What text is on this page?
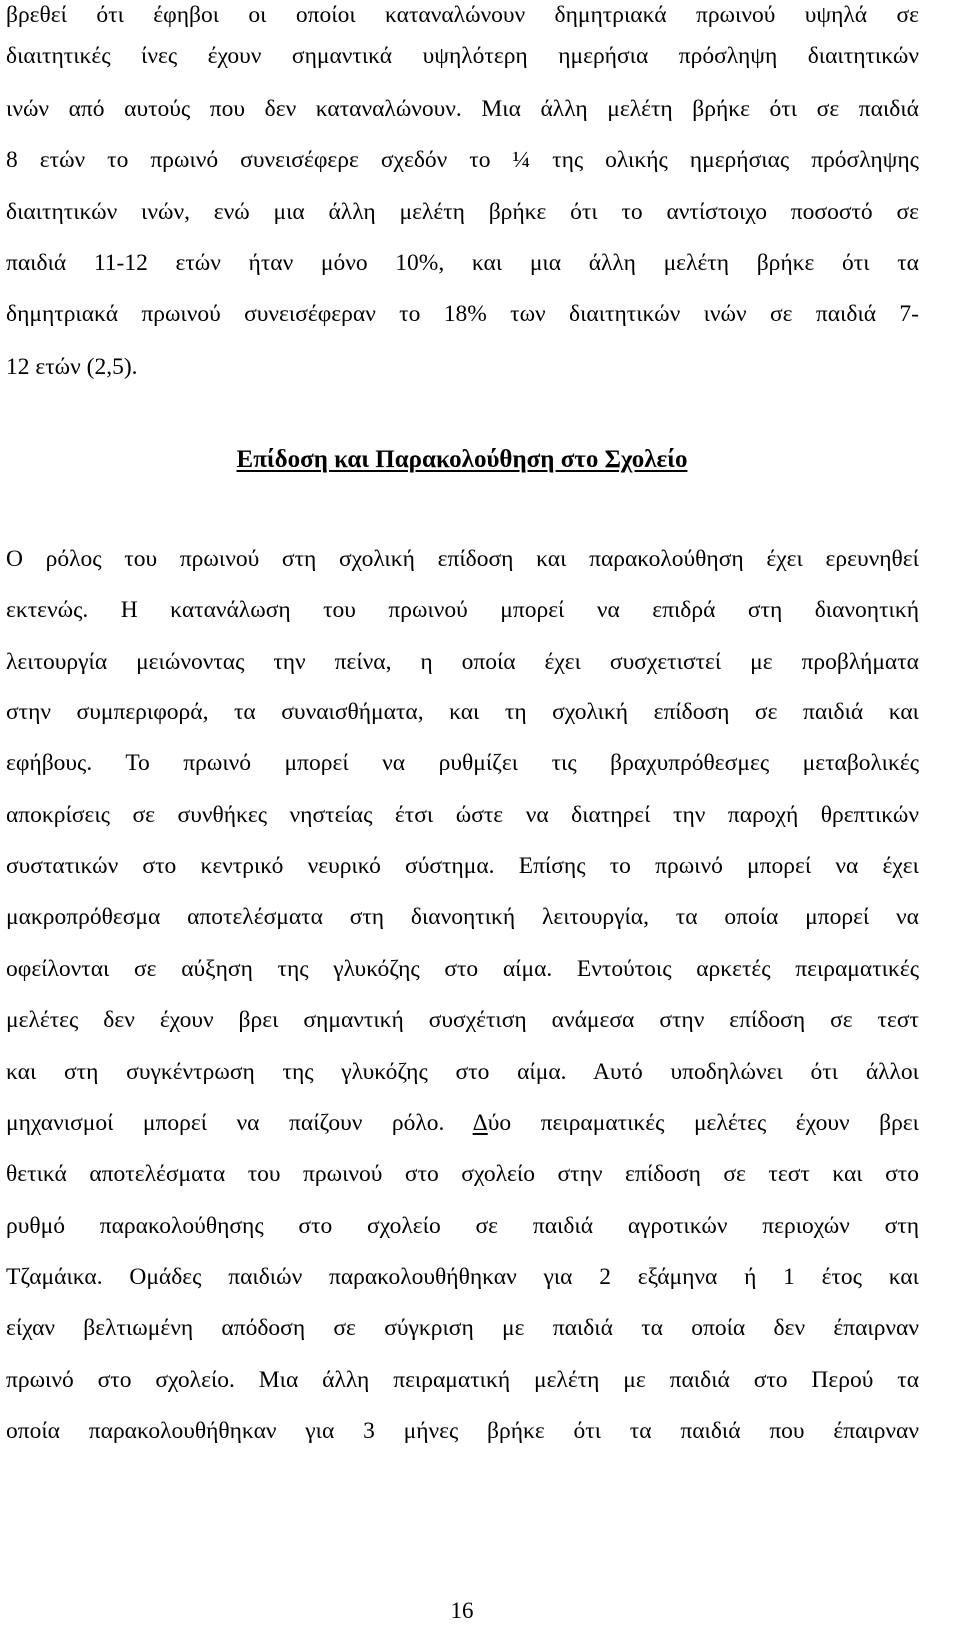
βρεθεί ότι έφηβοι οι οποίοι καταναλώνουν δημητριακά πρωινού υψηλά σε
διαιτητικές ίνες έχουν σημαντικά υψηλότερη ημερήσια πρόσληψη διαιτητικών
ινών από αυτούς που δεν καταναλώνουν. Μια άλλη μελέτη βρήκε ότι σε παιδιά
8 ετών το πρωινό συνεισέφερε σχεδόν το ¼ της ολικής ημερήσιας πρόσληψης
διαιτητικών ινών, ενώ μια άλλη μελέτη βρήκε ότι το αντίστοιχο ποσοστό σε
παιδιά 11-12 ετών ήταν μόνο 10%, και μια άλλη μελέτη βρήκε ότι τα
δημητριακά πρωινού συνεισέφεραν το 18% των διαιτητικών ινών σε παιδιά 7-
12 ετών (2,5).
Επίδοση και Παρακολούθηση στο Σχολείο
Ο ρόλος του πρωινού στη σχολική επίδοση και παρακολούθηση έχει ερευνηθεί
εκτενώς. Η κατανάλωση του πρωινού μπορεί να επιδρά στη διανοητική
λειτουργία μειώνοντας την πείνα, η οποία έχει συσχετιστεί με προβλήματα
στην συμπεριφορά, τα συναισθήματα, και τη σχολική επίδοση σε παιδιά και
εφήβους. Το πρωινό μπορεί να ρυθμίζει τις βραχυπρόθεσμες μεταβολικές
αποκρίσεις σε συνθήκες νηστείας έτσι ώστε να διατηρεί την παροχή θρεπτικών
συστατικών στο κεντρικό νευρικό σύστημα. Επίσης το πρωινό μπορεί να έχει
μακροπρόθεσμα αποτελέσματα στη διανοητική λειτουργία, τα οποία μπορεί να
οφείλονται σε αύξηση της γλυκόζης στο αίμα. Εντούτοις αρκετές πειραματικές
μελέτες δεν έχουν βρει σημαντική συσχέτιση ανάμεσα στην επίδοση σε τεστ
και στη συγκέντρωση της γλυκόζης στο αίμα. Αυτό υποδηλώνει ότι άλλοι
μηχανισμοί μπορεί να παίζουν ρόλο. Δύο πειραματικές μελέτες έχουν βρει
θετικά αποτελέσματα του πρωινού στο σχολείο στην επίδοση σε τεστ και στο
ρυθμό παρακολούθησης στο σχολείο σε παιδιά αγροτικών περιοχών στη
Τζαμάικα. Ομάδες παιδιών παρακολουθήθηκαν για 2 εξάμηνα ή 1 έτος και
είχαν βελτιωμένη απόδοση σε σύγκριση με παιδιά τα οποία δεν έπαιρναν
πρωινό στο σχολείο. Μια άλλη πειραματική μελέτη με παιδιά στο Περού τα
οποία παρακολουθήθηκαν για 3 μήνες βρήκε ότι τα παιδιά που έπαιρναν
16
